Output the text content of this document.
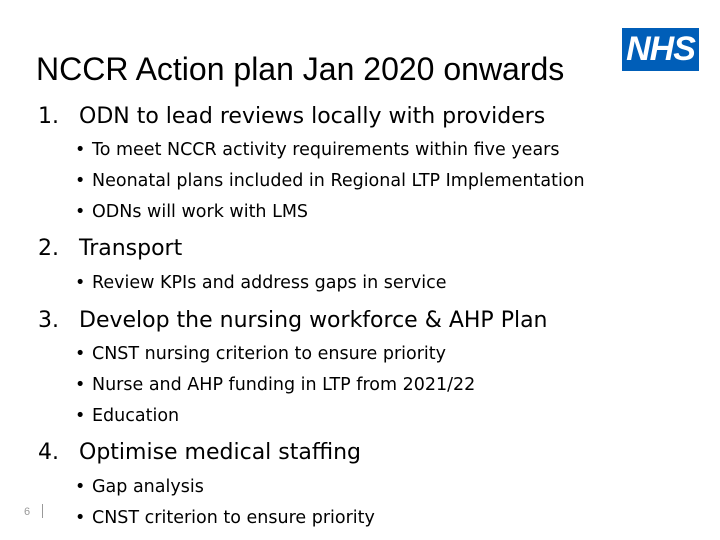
NCCR Action plan Jan 2020 onwards
NHS
1. ODN to lead reviews locally with providers
• To meet NCCR activity requirements within five years
• Neonatal plans included in Regional LTP Implementation
• ODNs will work with LMS
2. Transport
• Review KPIs and address gaps in service
3. Develop the nursing workforce & AHP Plan
• CNST nursing criterion to ensure priority
• Nurse and AHP funding in LTP from 2021/22
• Education
4. Optimise medical staffing
• Gap analysis
• CNST criterion to ensure priority
6
